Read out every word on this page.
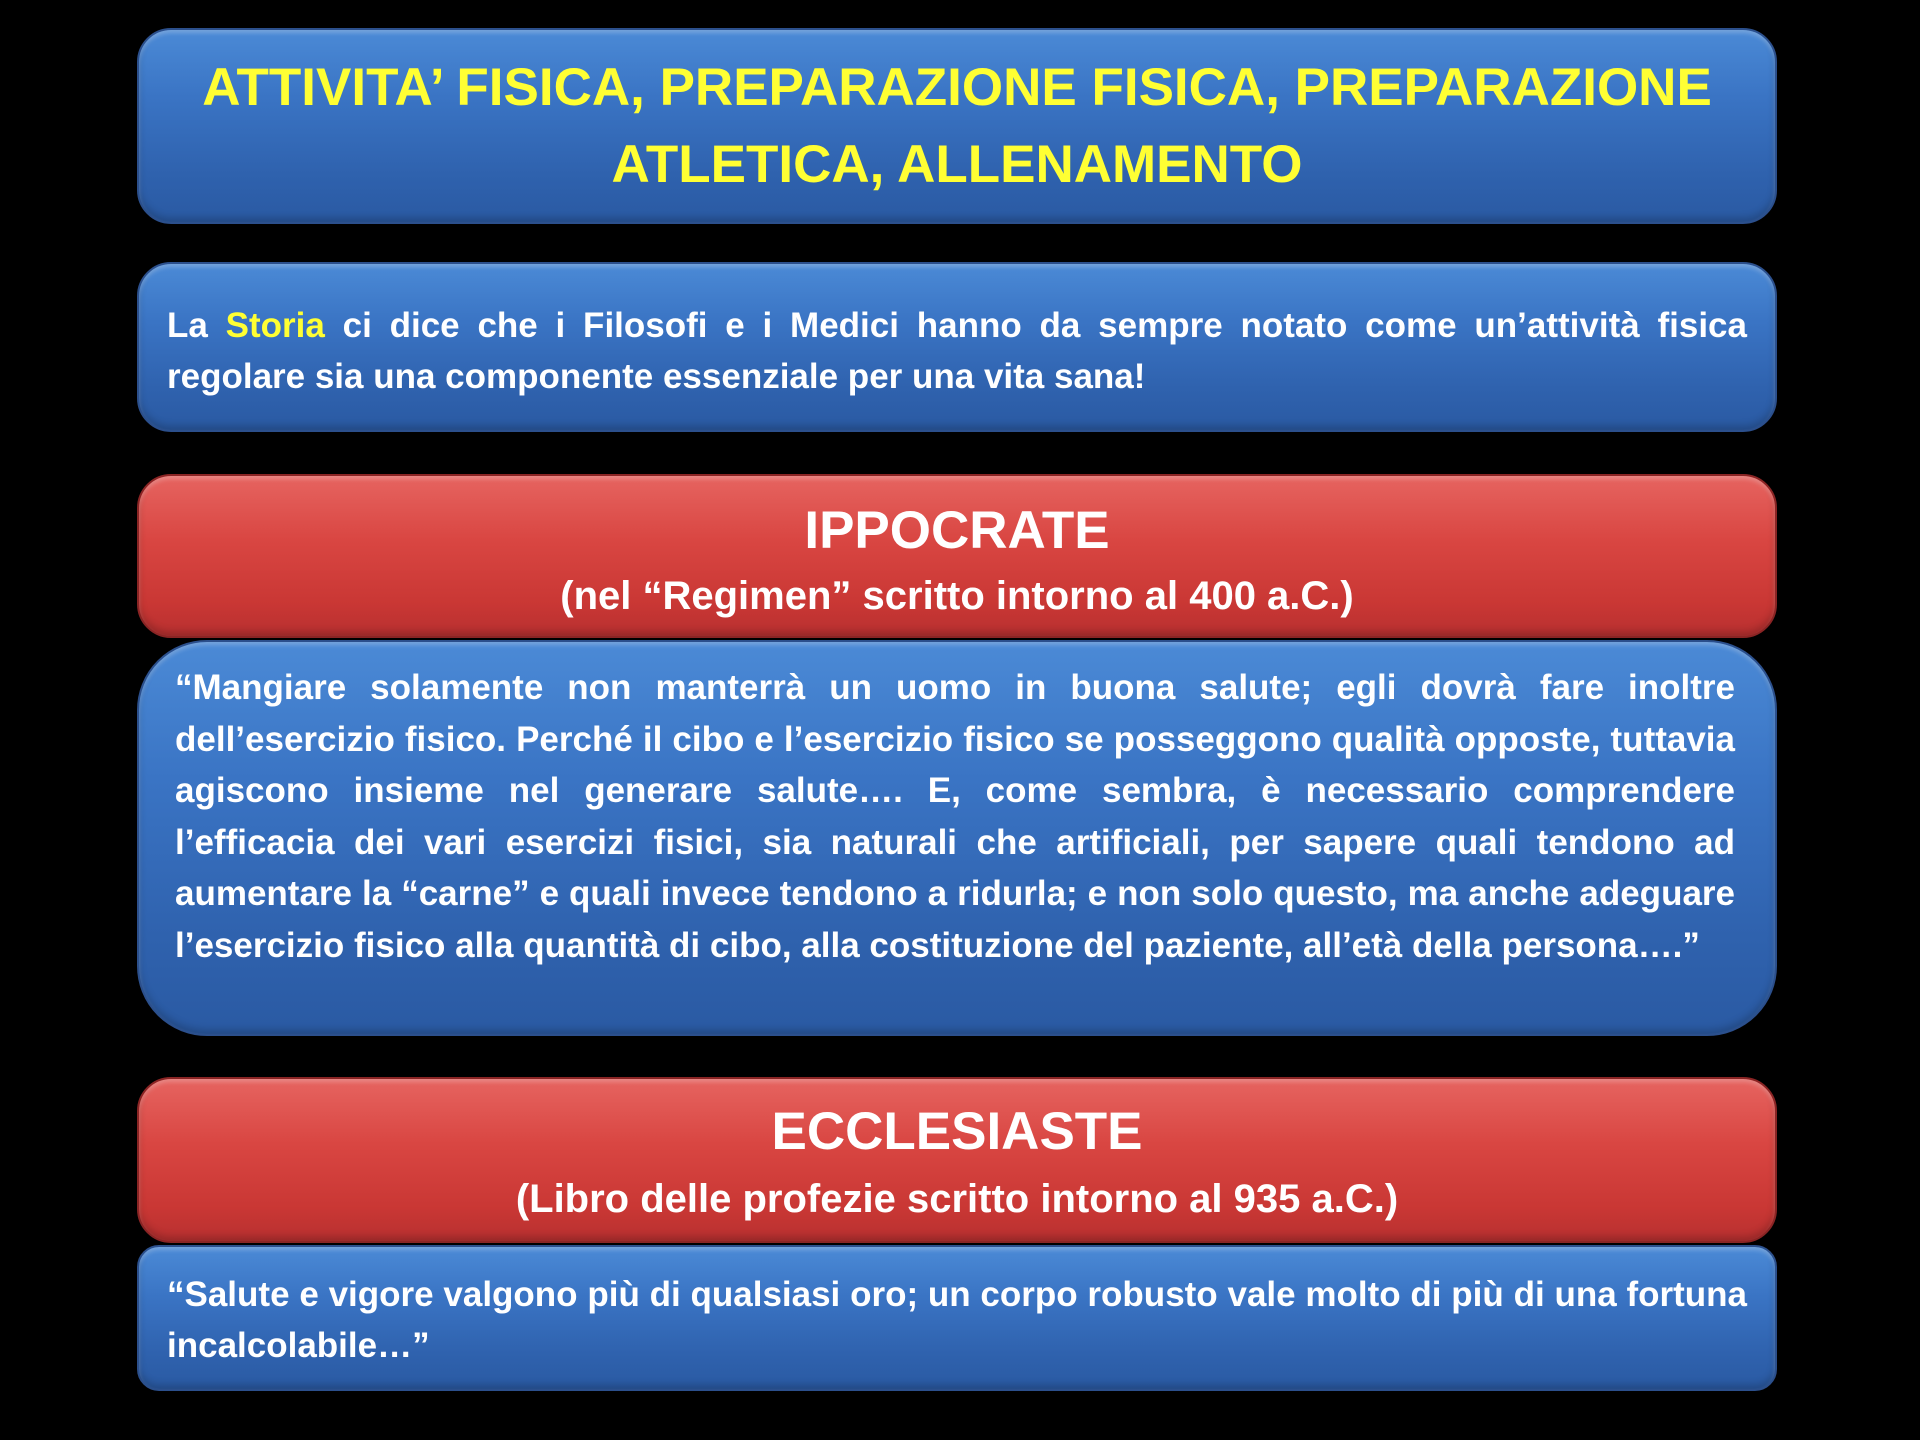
ATTIVITA’ FISICA, PREPARAZIONE FISICA, PREPARAZIONE ATLETICA, ALLENAMENTO

La Storia ci dice che i Filosofi e i Medici hanno da sempre notato come un’attività fisica regolare sia una componente essenziale per una vita sana!

IPPOCRATE
(nel “Regimen” scritto intorno al 400 a.C.)

“Mangiare solamente non manterrà un uomo in buona salute; egli dovrà fare inoltre dell’esercizio fisico. Perché il cibo e l’esercizio fisico se posseggono qualità opposte, tuttavia agiscono insieme nel generare salute…. E, come sembra, è necessario comprendere l’efficacia dei vari esercizi fisici, sia naturali che artificiali, per sapere quali tendono ad aumentare la “carne” e quali invece tendono a ridurla; e non solo questo, ma anche adeguare l’esercizio fisico alla quantità di cibo, alla costituzione del paziente, all’età della persona….”

ECCLESIASTE
(Libro delle profezie scritto intorno al 935 a.C.)

“Salute e vigore valgono più di qualsiasi oro; un corpo robusto vale molto di più di una fortuna incalcolabile…”
